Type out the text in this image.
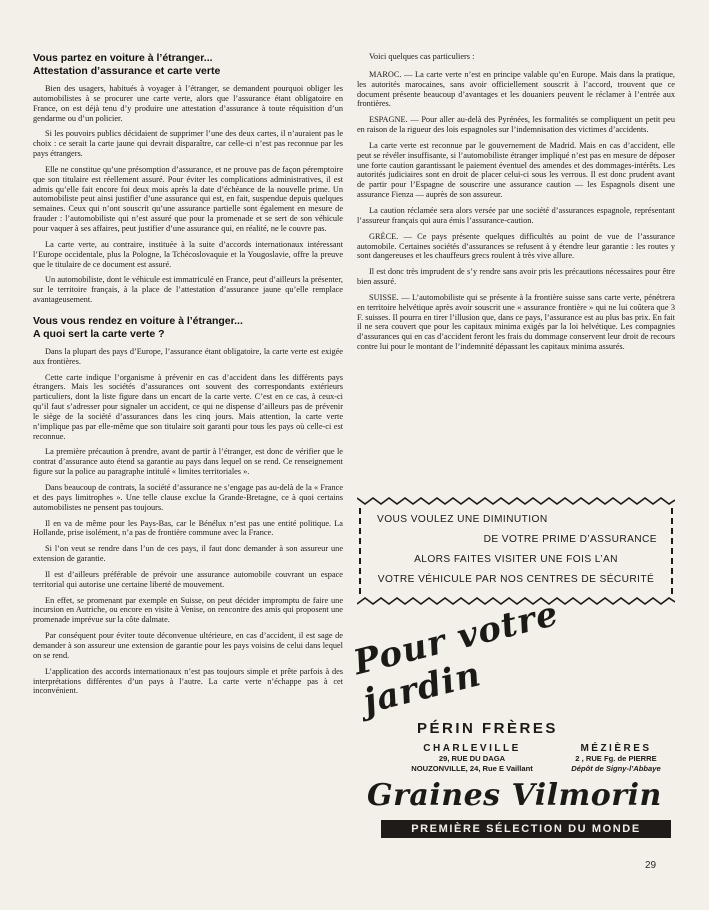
Vous partez en voiture à l’étranger...
Attestation d’assurance et carte verte

Bien des usagers, habitués à voyager à l’étranger, se demandent pourquoi obliger les automobilistes à se procurer une carte verte, alors que l’assurance étant obligatoire en France, on est déjà tenu d’y produire une attestation d’assurance à toute réquisition d’un gendarme ou d’un policier.

Si les pouvoirs publics décidaient de supprimer l’une des deux cartes, il n’auraient pas le choix : ce serait la carte jaune qui devrait disparaître, car celle-ci n’est pas reconnue par les pays étrangers.

Elle ne constitue qu’une présomption d’assurance, et ne prouve pas de façon péremptoire que son titulaire est réellement assuré. Pour éviter les complications administratives, il est admis qu’elle fait encore foi deux mois après la date d’échéance de la nouvelle prime. Un automobiliste peut ainsi justifier d’une assurance qui est, en fait, suspendue depuis quelques semaines. Ceux qui n’ont souscrit qu’une assurance partielle sont également en mesure de frauder : l’automobiliste qui n’est assuré que pour la promenade et se sert de son véhicule pour vaquer à ses affaires, peut justifier d’une assurance qui, en réalité, ne le couvre pas.

La carte verte, au contraire, instituée à la suite d’accords internationaux intéressant l’Europe occidentale, plus la Pologne, la Tchécoslovaquie et la Yougoslavie, offre la preuve que le titulaire de ce document est assuré.

Un automobiliste, dont le véhicule est immatriculé en France, peut d’ailleurs la présenter, sur le territoire français, à la place de l’attestation d’assurance jaune qu’elle remplace avantageusement.

Vous vous rendez en voiture à l’étranger...
A quoi sert la carte verte ?

Dans la plupart des pays d’Europe, l’assurance étant obligatoire, la carte verte est exigée aux frontières.

Cette carte indique l’organisme à prévenir en cas d’accident dans les différents pays étrangers. Mais les sociétés d’assurances ont souvent des correspondants extérieurs particuliers, dont la liste figure dans un encart de la carte verte. C’est en ce cas, à ceux-ci qu’il faut s’adresser pour signaler un accident, ce qui ne dispense d’ailleurs pas de prévenir le siège de la société d’assurances dans les cinq jours. Mais attention, la carte verte n’implique pas par elle-même que son titulaire soit garanti pour tous les pays où celle-ci est reconnue.

La première précaution à prendre, avant de partir à l’étranger, est donc de vérifier que le contrat d’assurance auto étend sa garantie au pays dans lequel on se rend. Ce renseignement figure sur la police au paragraphe intitulé « limites territoriales ».

Dans beaucoup de contrats, la société d’assurance ne s’engage pas au-delà de la « France et des pays limitrophes ». Une telle clause exclue la Grande-Bretagne, ce à quoi certains automobilistes ne pensent pas toujours.

Il en va de même pour les Pays-Bas, car le Bénélux n’est pas une entité politique. La Hollande, prise isolément, n’a pas de frontière commune avec la France.

Si l’on veut se rendre dans l’un de ces pays, il faut donc demander à son assureur une extension de garantie.

Il est d’ailleurs préférable de prévoir une assurance automobile couvrant un espace territorial qui autorise une certaine liberté de mouvement.

En effet, se promenant par exemple en Suisse, on peut décider impromptu de faire une incursion en Autriche, ou encore en visite à Venise, on rencontre des amis qui proposent une promenade imprévue sur la côte dalmate.

Par conséquent pour éviter toute déconvenue ultérieure, en cas d’accident, il est sage de demander à son assureur une extension de garantie pour les pays voisins de celui dans lequel on se rend.

L’application des accords internationaux n’est pas toujours simple et prête parfois à des interprétations différentes d’un pays à l’autre. La carte verte n’échappe pas à cet inconvénient.

Voici quelques cas particuliers :

MAROC. — La carte verte n’est en principe valable qu’en Europe. Mais dans la pratique, les autorités marocaines, sans avoir officiellement souscrit à l’accord, trouvent que ce document présente beaucoup d’avantages et les douaniers peuvent le réclamer à l’entrée aux frontières.

ESPAGNE. — Pour aller au-delà des Pyrénées, les formalités se compliquent un petit peu en raison de la rigueur des lois espagnoles sur l’indemnisation des victimes d’accidents.

La carte verte est reconnue par le gouvernement de Madrid. Mais en cas d’accident, elle peut se révéler insuffisante, si l’automobiliste étranger impliqué n’est pas en mesure de déposer une forte caution garantissant le paiement éventuel des amendes et des dommages-intérêts. Les autorités judiciaires sont en droit de placer celui-ci sous les verrous. Il est donc prudent avant de partir pour l’Espagne de souscrire une assurance caution — les Espagnols disent une assurance Fienza — auprès de son assureur.

La caution réclamée sera alors versée par une société d’assurances espagnole, représentant l’assureur français qui aura émis l’assurance-caution.

GRÈCE. — Ce pays présente quelques difficultés au point de vue de l’assurance automobile. Certaines sociétés d’assurances se refusent à y étendre leur garantie : les routes y sont dangereuses et les chauffeurs grecs roulent à très vive allure.

Il est donc très imprudent de s’y rendre sans avoir pris les précautions nécessaires pour être bien assuré.

SUISSE. — L’automobiliste qui se présente à la frontière suisse sans carte verte, pénétrera en territoire helvétique après avoir souscrit une « assurance frontière » qui ne lui coûtera que 3 F. suisses. Il pourra en tirer l’illusion que, dans ce pays, l’assurance est au plus bas prix. En fait il ne sera couvert que pour les capitaux minima exigés par la loi helvétique. Les compagnies d’assurances qui en cas d’accident feront les frais du dommage conservent leur droit de recours contre lui pour le montant de l’indemnité dépassant les capitaux minima assurés.

VOUS VOULEZ UNE DIMINUTION
DE VOTRE PRIME D’ASSURANCE
ALORS FAITES VISITER UNE FOIS L’AN
VOTRE VÉHICULE PAR NOS CENTRES DE SÉCURITÉ
Pour votre jardin
PÉRIN FRÈRES
CHARLEVILLE
29, RUE DU DAGA
NOUZONVILLE, 24, Rue E Vaillant
MÉZIÈRES
2 , RUE Fg. de PIERRE
Dépôt de Signy-l’Abbaye
Graines Vilmorin
PREMIÈRE SÉLECTION DU MONDE
29
